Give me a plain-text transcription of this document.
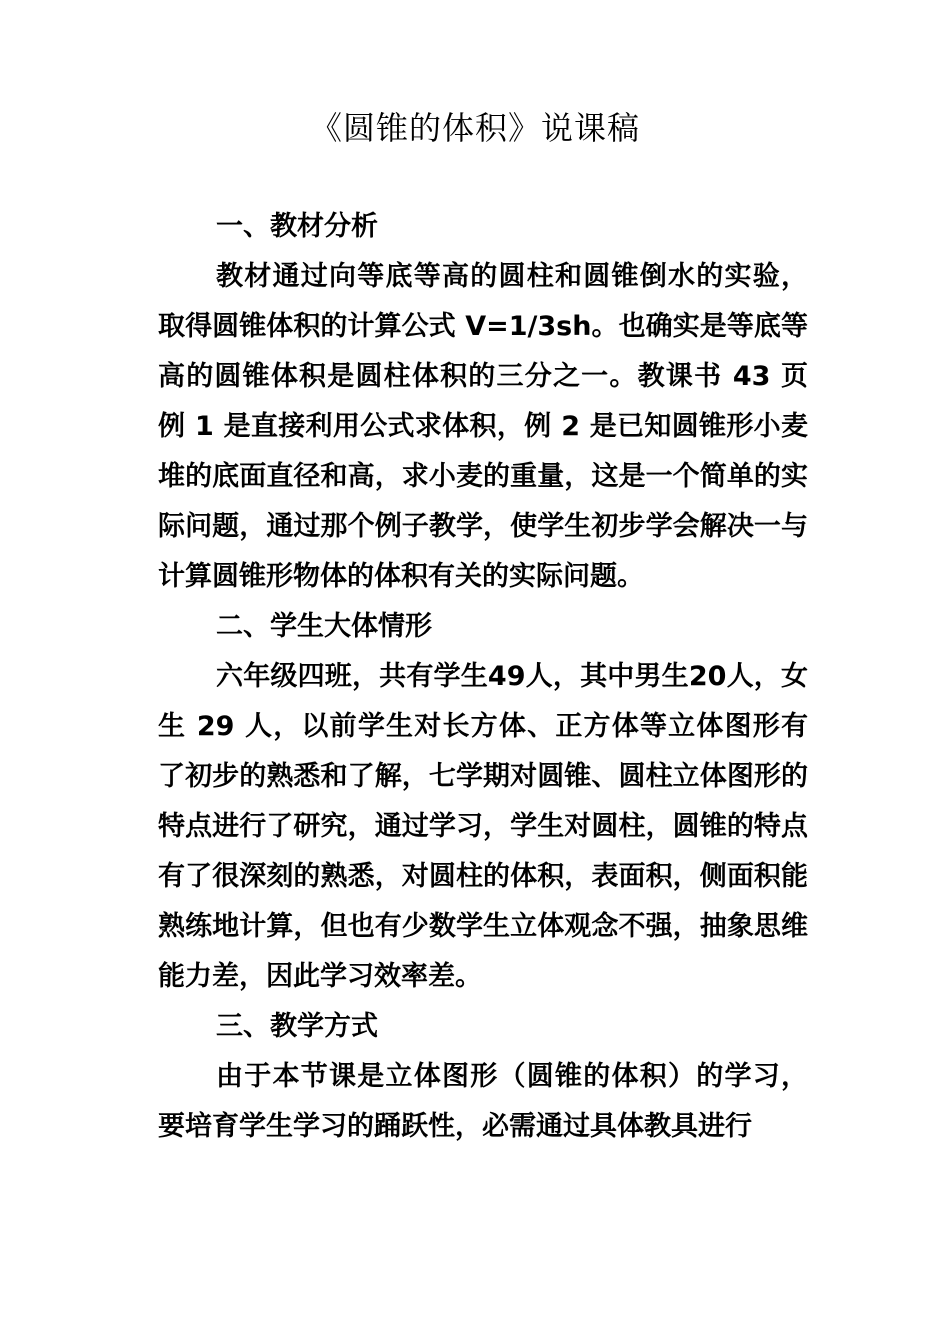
《圆锥的体积》说课稿

一、教材分析

教材通过向等底等高的圆柱和圆锥倒水的实验，取得圆锥体积的计算公式 V=1/3sh。也确实是等底等高的圆锥体积是圆柱体积的三分之一。教课书 43 页例 1 是直接利用公式求体积，例 2 是已知圆锥形小麦堆的底面直径和高，求小麦的重量，这是一个简单的实际问题，通过那个例子教学，使学生初步学会解决一与计算圆锥形物体的体积有关的实际问题。

二、学生大体情形

六年级四班，共有学生49人，其中男生20人，女生 29 人，以前学生对长方体、正方体等立体图形有了初步的熟悉和了解，七学期对圆锥、圆柱立体图形的特点进行了研究，通过学习，学生对圆柱，圆锥的特点有了很深刻的熟悉，对圆柱的体积，表面积，侧面积能熟练地计算，但也有少数学生立体观念不强，抽象思维能力差，因此学习效率差。

三、教学方式

由于本节课是立体图形（圆锥的体积）的学习，要培育学生学习的踊跃性，必需通过具体教具进行
